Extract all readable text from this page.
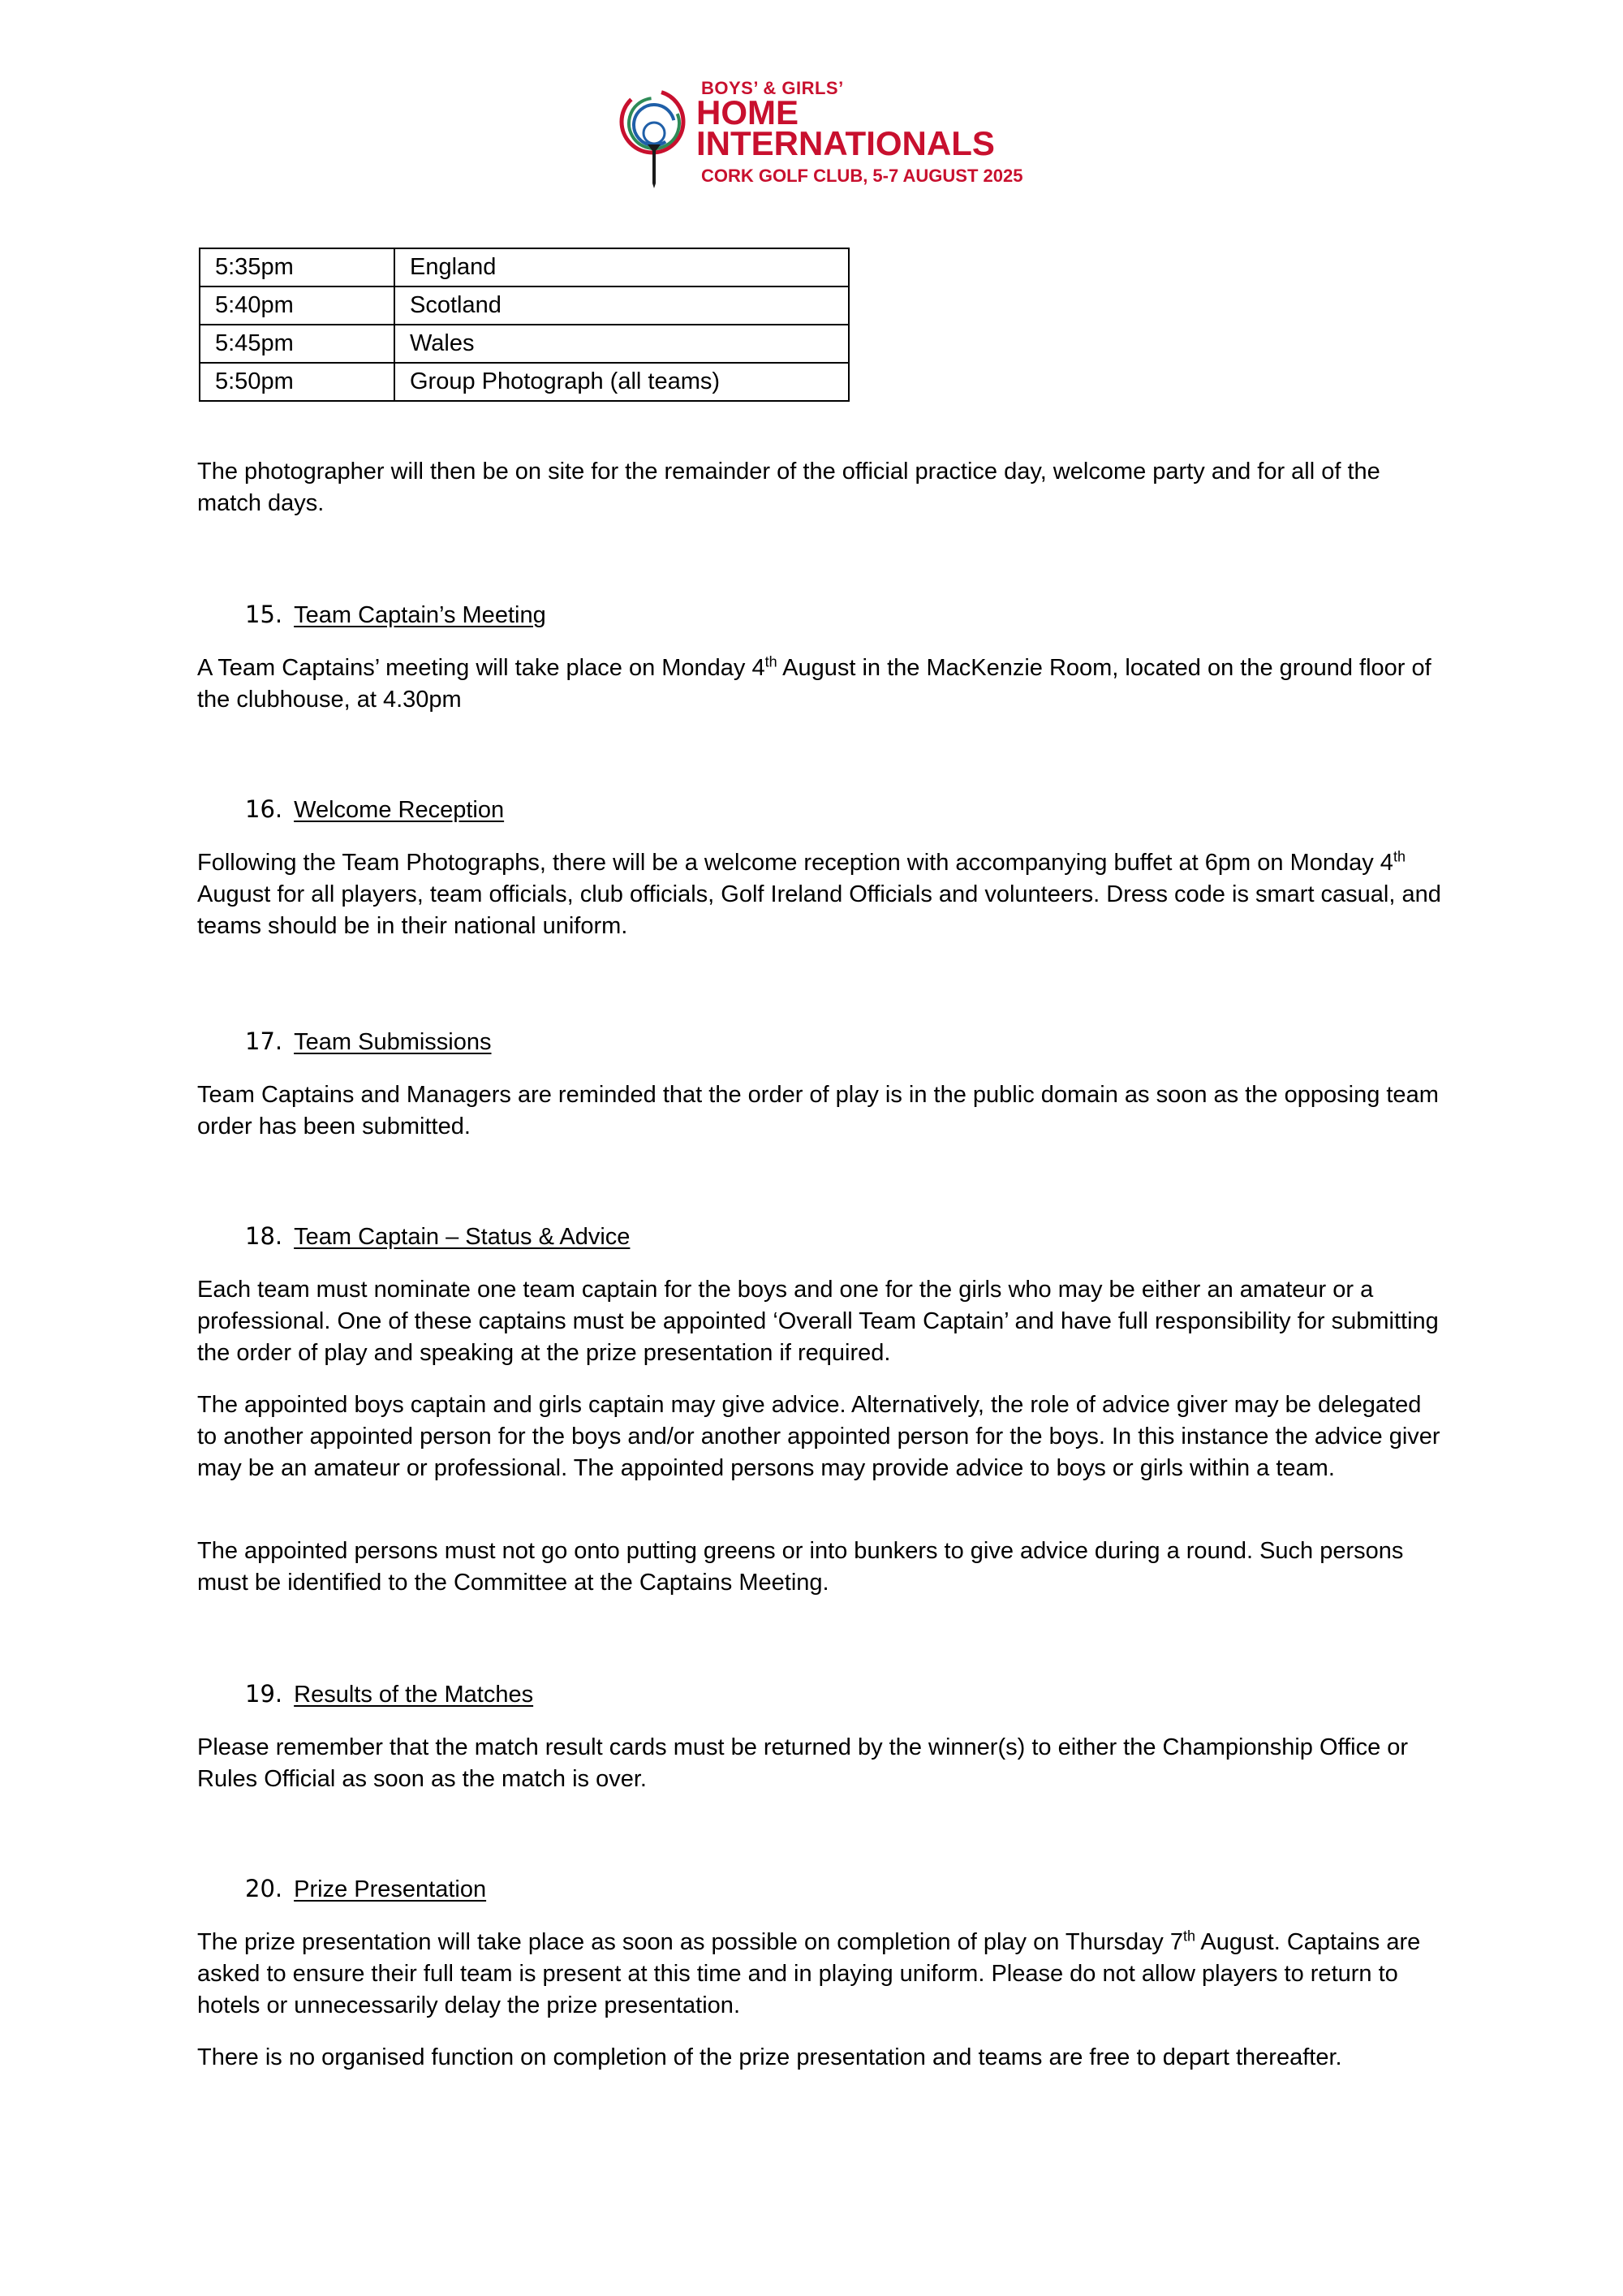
BOYS’ & GIRLS’
HOME
INTERNATIONALS
CORK GOLF CLUB, 5-7 AUGUST 2025
5:35pm	England
5:40pm	Scotland
5:45pm	Wales
5:50pm	Group Photograph (all teams)

The photographer will then be on site for the remainder of the official practice day, welcome party and for all of the match days.

15. Team Captain’s Meeting

A Team Captains’ meeting will take place on Monday 4th August in the MacKenzie Room, located on the ground floor of the clubhouse, at 4.30pm

16. Welcome Reception

Following the Team Photographs, there will be a welcome reception with accompanying buffet at 6pm on Monday 4th August for all players, team officials, club officials, Golf Ireland Officials and volunteers. Dress code is smart casual, and teams should be in their national uniform.

17. Team Submissions

Team Captains and Managers are reminded that the order of play is in the public domain as soon as the opposing team order has been submitted.

18. Team Captain – Status & Advice

Each team must nominate one team captain for the boys and one for the girls who may be either an amateur or a professional. One of these captains must be appointed ‘Overall Team Captain’ and have full responsibility for submitting the order of play and speaking at the prize presentation if required.

The appointed boys captain and girls captain may give advice. Alternatively, the role of advice giver may be delegated to another appointed person for the boys and/or another appointed person for the boys. In this instance the advice giver may be an amateur or professional. The appointed persons may provide advice to boys or girls within a team.

The appointed persons must not go onto putting greens or into bunkers to give advice during a round. Such persons must be identified to the Committee at the Captains Meeting.

19. Results of the Matches

Please remember that the match result cards must be returned by the winner(s) to either the Championship Office or Rules Official as soon as the match is over.

20. Prize Presentation

The prize presentation will take place as soon as possible on completion of play on Thursday 7th August. Captains are asked to ensure their full team is present at this time and in playing uniform. Please do not allow players to return to hotels or unnecessarily delay the prize presentation.

There is no organised function on completion of the prize presentation and teams are free to depart thereafter.
